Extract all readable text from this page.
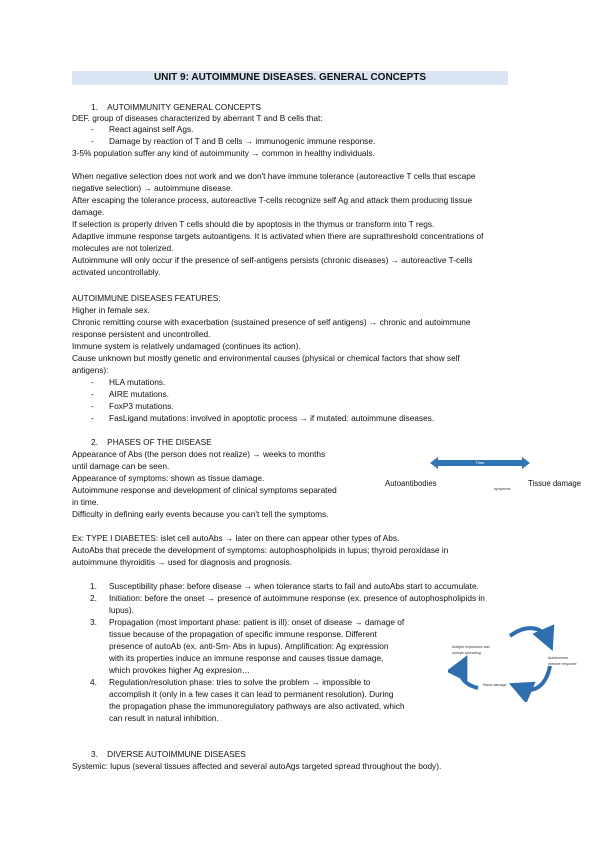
UNIT 9: AUTOIMMUNE DISEASES. GENERAL CONCEPTS
1. AUTOIMMUNITY GENERAL CONCEPTS

DEF. group of diseases characterized by aberrant T and B cells that:

- React against self Ags.
- Damage by reaction of T and B cells → immunogenic immune response.

3-5% population suffer any kind of autoimmunity → common in healthy individuals.

When negative selection does not work and we don't have immune tolerance (autoreactive T cells that escape

negative selection) → autoimmune disease.

After escaping the tolerance process, autoreactive T-cells recognize self Ag and attack them producing tissue

damage.

If selection is properly driven T cells should die by apoptosis in the thymus or transform into T regs.

Adaptive immune response targets autoantigens. It is activated when there are suprathreshold concentrations of

molecules are not tolerized.

Autoimmune will only occur if the presence of self-antigens persists (chronic diseases) → autoreactive T-cells

activated uncontrollably.

AUTOIMMUNE DISEASES FEATURES:

Higher in female sex.

Chronic remitting course with exacerbation (sustained presence of self antigens) → chronic and autoimmune

response persistent and uncontrolled.

Immune system is relatively undamaged (continues its action).

Cause unknown but mostly genetic and environmental causes (physical or chemical factors that show self

antigens):

- HLA mutations.
- AIRE mutations.
- FoxP3 mutations.
- FasLigand mutations: involved in apoptotic process → if mutated: autoimmune diseases.
2. PHASES OF THE DISEASE

Appearance of Abs (the person does not realize) → weeks to months

until damage can be seen.

Appearance of symptoms: shown as tissue damage.

Autoimmune response and development of clinical symptoms separated

in time.

Difficulty in defining early events because you can't tell the symptoms.

Time
Autoantibodies	Tissue damage
symptoms

Ex: TYPE I DIABETES: islet cell autoAbs → later on there can appear other types of Abs.

AutoAbs that precede the development of symptoms: autophospholipids in lupus; thyroid peroxidase in

autoimmune thyroiditis → used for diagnosis and prognosis.

1. Susceptibility phase: before disease → when tolerance starts to fail and autoAbs start to accumulate.
2. Initiation: before the onset → presence of autoimmune response (ex. presence of autophospholipids in
lupus).
3. Propagation (most important phase: patient is ill): onset of disease → damage of
tissue because of the propagation of specific immune response. Different
presence of autoAb (ex. anti-Sm- Abs in lupus). Amplification: Ag expression
with its properties induce an immune response and causes tissue damage,
which provokes higher Ag expresion…
4. Regulation/resolution phase: tries to solve the problem → impossible to
accomplish it (only in a few cases it can lead to permanent resolution). During
the propagation phase the immunoregulatory pathways are also activated, which
can result in natural inhibition.
Antigen expression and
epitope spreading
Autoimmune
immune response
Tissue damage
3. DIVERSE AUTOIMMUNE DISEASES

Systemic: lupus (several tissues affected and several autoAgs targeted spread throughout the body).
